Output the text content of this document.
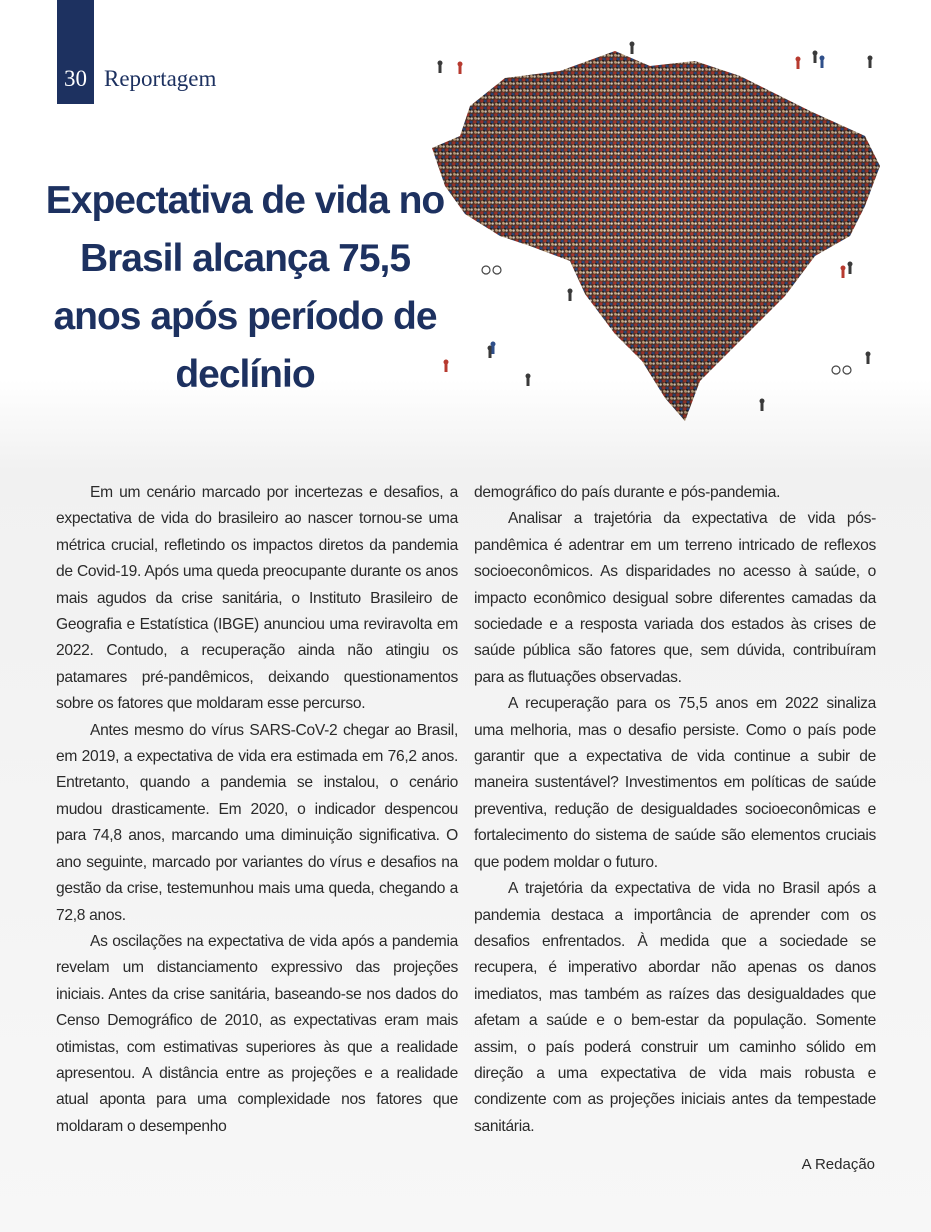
30 Reportagem
Expectativa de vida no Brasil alcança 75,5 anos após período de declínio

Em um cenário marcado por incertezas e desafios, a expectativa de vida do brasileiro ao nascer tornou-se uma métrica crucial, refletindo os impactos diretos da pandemia de Covid-19. Após uma queda preocupante durante os anos mais agudos da crise sanitária, o Instituto Brasileiro de Geografia e Estatística (IBGE) anunciou uma reviravolta em 2022. Contudo, a recuperação ainda não atingiu os patamares pré-pandêmicos, deixando questionamentos sobre os fatores que moldaram esse percurso.

Antes mesmo do vírus SARS-CoV-2 chegar ao Brasil, em 2019, a expectativa de vida era estimada em 76,2 anos. Entretanto, quando a pandemia se instalou, o cenário mudou drasticamente. Em 2020, o indicador despencou para 74,8 anos, marcando uma diminuição significativa. O ano seguinte, marcado por variantes do vírus e desafios na gestão da crise, testemunhou mais uma queda, chegando a 72,8 anos.

As oscilações na expectativa de vida após a pandemia revelam um distanciamento expressivo das projeções iniciais. Antes da crise sanitária, baseando-se nos dados do Censo Demográfico de 2010, as expectativas eram mais otimistas, com estimativas superiores às que a realidade apresentou. A distância entre as projeções e a realidade atual aponta para uma complexidade nos fatores que moldaram o desempenho

demográfico do país durante e pós-pandemia.

Analisar a trajetória da expectativa de vida pós-pandêmica é adentrar em um terreno intricado de reflexos socioeconômicos. As disparidades no acesso à saúde, o impacto econômico desigual sobre diferentes camadas da sociedade e a resposta variada dos estados às crises de saúde pública são fatores que, sem dúvida, contribuíram para as flutuações observadas.

A recuperação para os 75,5 anos em 2022 sinaliza uma melhoria, mas o desafio persiste. Como o país pode garantir que a expectativa de vida continue a subir de maneira sustentável? Investimentos em políticas de saúde preventiva, redução de desigualdades socioeconômicas e fortalecimento do sistema de saúde são elementos cruciais que podem moldar o futuro.

A trajetória da expectativa de vida no Brasil após a pandemia destaca a importância de aprender com os desafios enfrentados. À medida que a sociedade se recupera, é imperativo abordar não apenas os danos imediatos, mas também as raízes das desigualdades que afetam a saúde e o bem-estar da população. Somente assim, o país poderá construir um caminho sólido em direção a uma expectativa de vida mais robusta e condizente com as projeções iniciais antes da tempestade sanitária.

A Redação
